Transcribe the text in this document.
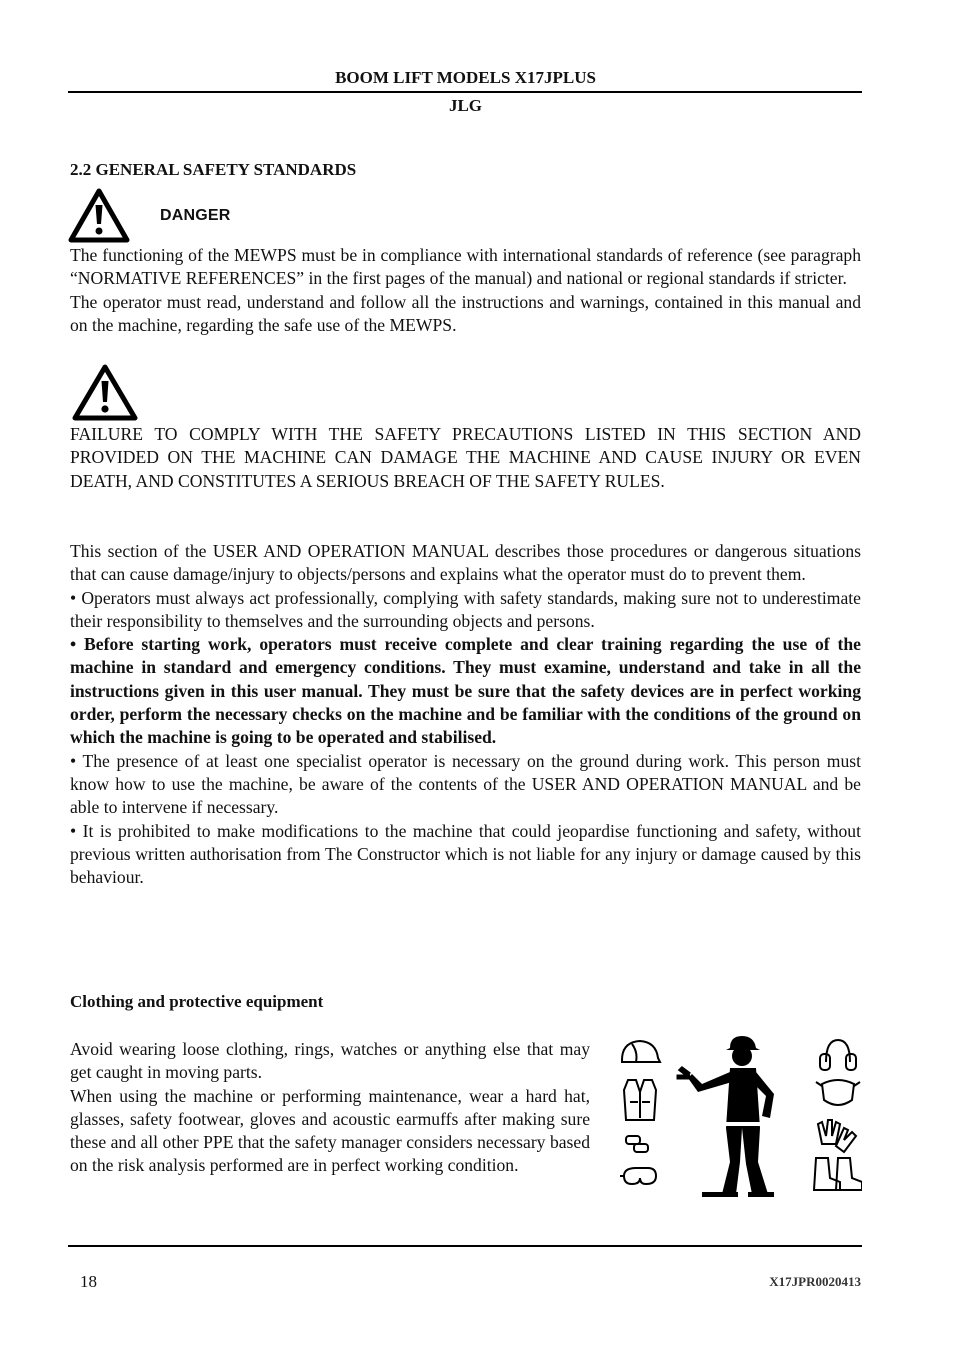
BOOM LIFT MODELS X17JPLUS
JLG
2.2 GENERAL SAFETY STANDARDS
DANGER

The functioning of the MEWPS must be in compliance with international standards of reference (see paragraph “NORMATIVE REFERENCES” in the first pages of the manual) and national or regional standards if stricter.

The operator must read, understand and follow all the instructions and warnings, contained in this manual and on the machine, regarding the safe use of the MEWPS.

FAILURE TO COMPLY WITH THE SAFETY PRECAUTIONS LISTED IN THIS SECTION AND PROVIDED ON THE MACHINE CAN DAMAGE THE MACHINE AND CAUSE INJURY OR EVEN DEATH, AND CONSTITUTES A SERIOUS BREACH OF THE SAFETY RULES.

This section of the USER AND OPERATION MANUAL describes those procedures or dangerous situations that can cause damage/injury to objects/persons and explains what the operator must do to prevent them.

• Operators must always act professionally, complying with safety standards, making sure not to underestimate their responsibility to themselves and the surrounding objects and persons.

• Before starting work, operators must receive complete and clear training regarding the use of the machine in standard and emergency conditions. They must examine, understand and take in all the instructions given in this user manual. They must be sure that the safety devices are in perfect working order, perform the necessary checks on the machine and be familiar with the conditions of the ground on which the machine is going to be operated and stabilised.

• The presence of at least one specialist operator is necessary on the ground during work. This person must know how to use the machine, be aware of the contents of the USER AND OPERATION MANUAL and be able to intervene if necessary.

• It is prohibited to make modifications to the machine that could jeopardise functioning and safety, without previous written authorisation from The Constructor which is not liable for any injury or damage caused by this behaviour.

Clothing and protective equipment

Avoid wearing loose clothing, rings, watches or anything else that may get caught in moving parts.

When using the machine or performing maintenance, wear a hard hat, glasses, safety footwear, gloves and acoustic earmuffs after making sure these and all other PPE that the safety manager considers necessary based on the risk analysis performed are in perfect working condition.

18	X17JPR0020413
